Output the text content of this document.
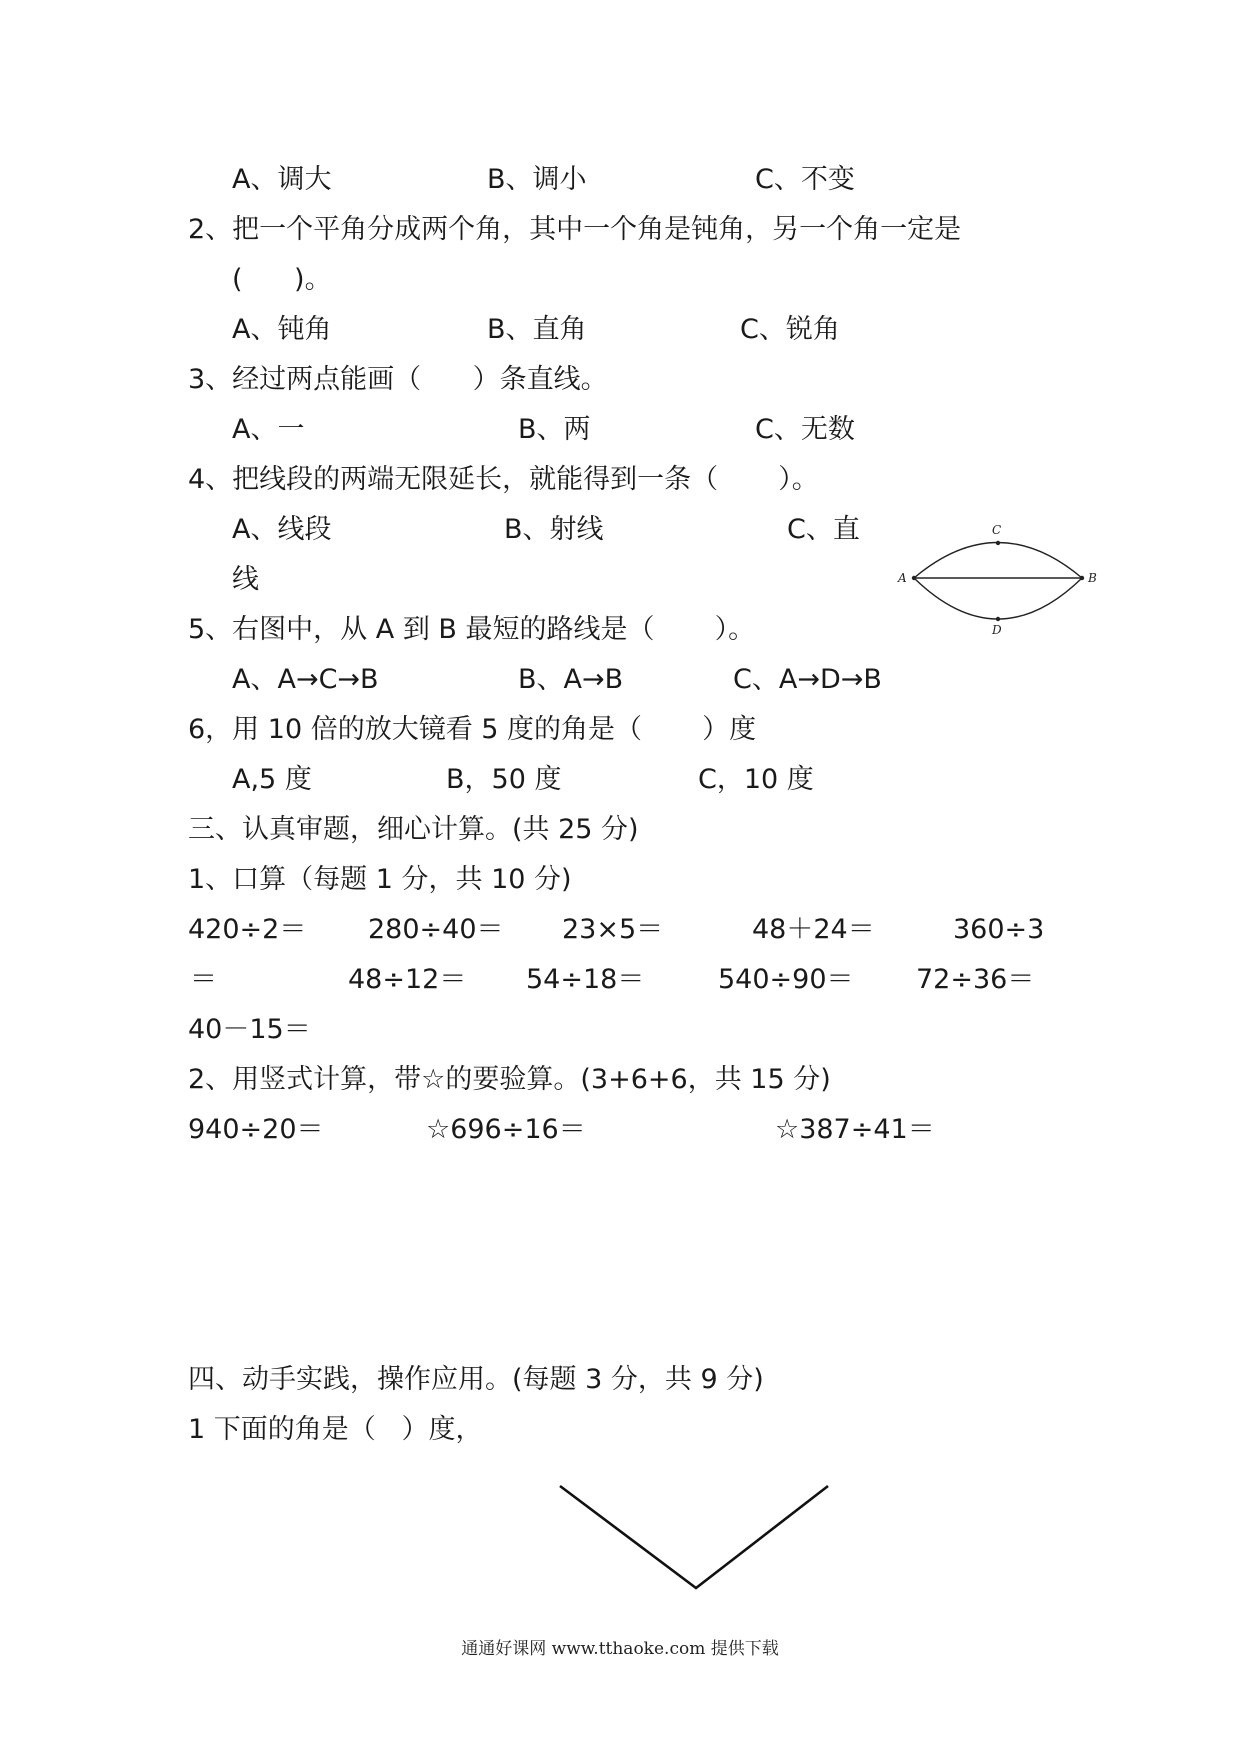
A、调大	B、调小	C、不变
2、把一个平角分成两个角，其中一个角是钝角，另一个角一定是
(      )。
A、钝角	B、直角	C、锐角
3、经过两点能画（      ）条直线。
A、一	B、两	C、无数
4、把线段的两端无限延长，就能得到一条（       ）。
A、线段	B、射线	C、直
线	A	B
C
D
5、右图中，从 A 到 B 最短的路线是（       ）。
A、A→C→B	B、A→B	C、A→D→B
6，用 10 倍的放大镜看 5 度的角是（       ）度
A,5 度	B，50 度	C，10 度
三、认真审题，细心计算。(共 25 分)
1、口算（每题 1 分，共 10 分)
420÷2＝ 280÷40＝ 23×5＝	48＋24＝	360÷3
＝	48÷12＝ 54÷18＝	540÷90＝ 72÷36＝
40－15＝
2、用竖式计算，带☆的要验算。(3+6+6，共 15 分)
940÷20＝	☆696÷16＝	☆387÷41＝
四、动手实践，操作应用。(每题 3 分，共 9 分)
1 下面的角是（   ）度，
通通好课网 www.tthaoke.com 提供下载
